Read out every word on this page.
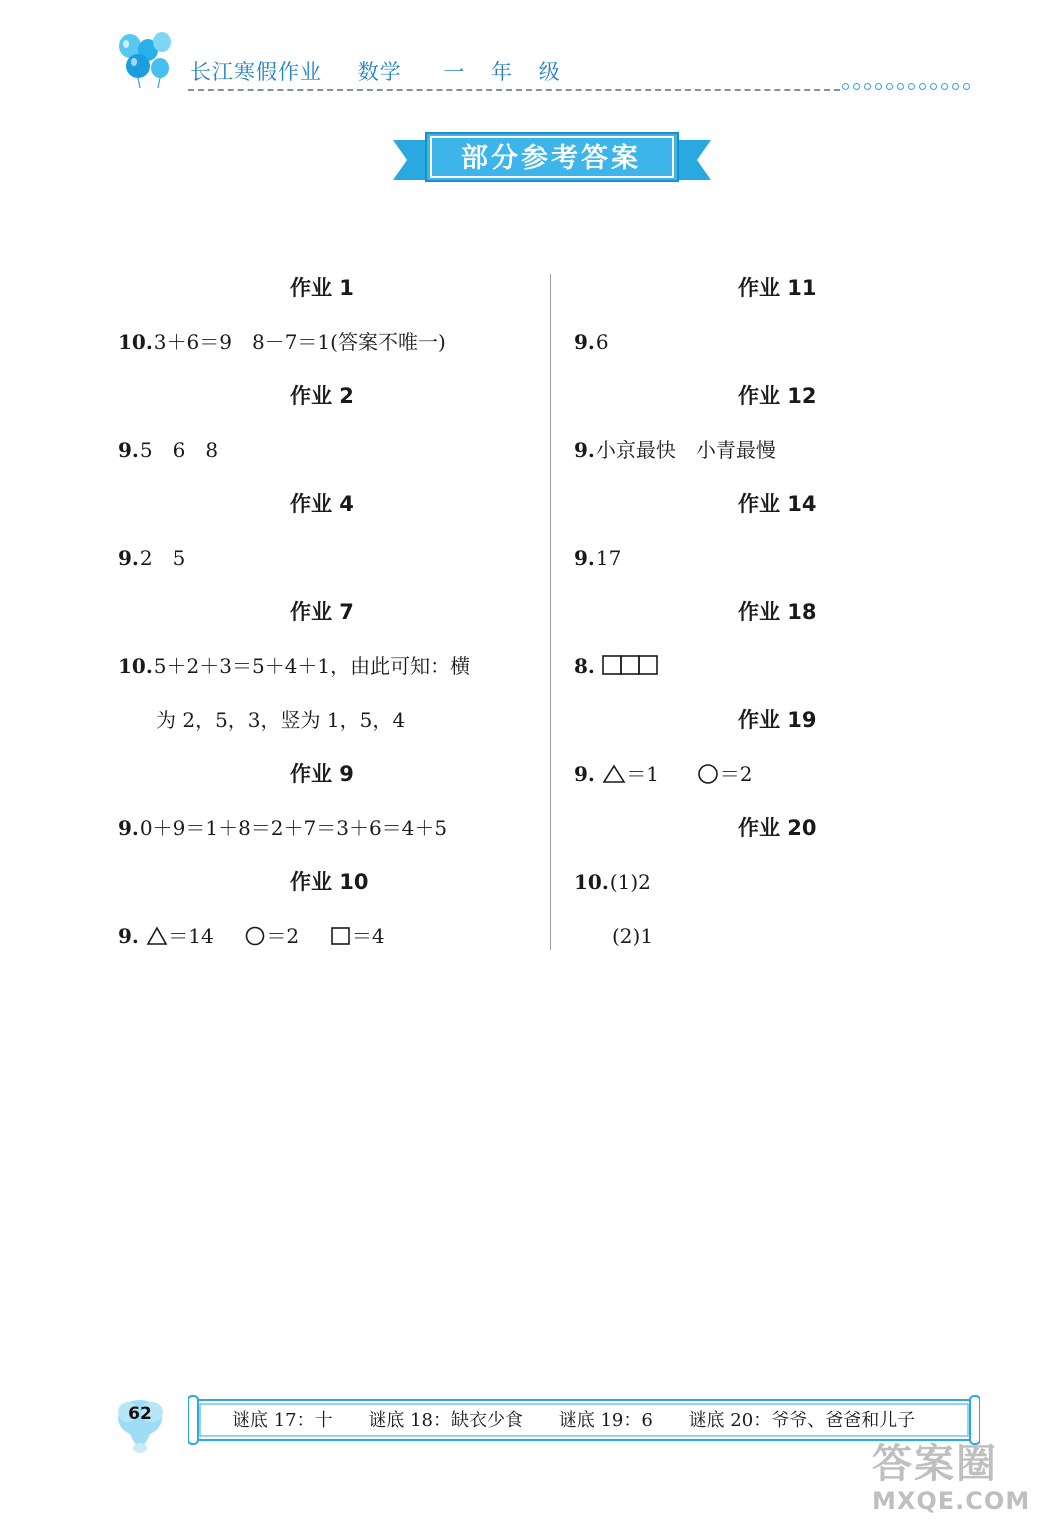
长江寒假作业 数学 一 年 级
部分参考答案
作业 1
10.3＋6＝9　8－7＝1(答案不唯一)
作业 2
9.5　6　8
作业 4
9.2　5
作业 7
10.5＋2＋3＝5＋4＋1，由此可知：横
为 2，5，3，竖为 1，5，4
作业 9
9.0＋9＝1＋8＝2＋7＝3＋6＝4＋5
作业 10
9. ＝14	＝2	＝4
作业 11
9.6
作业 12
9.小京最快　小青最慢
作业 14
9.17
作业 18
8.
作业 19
9. ＝1	＝2
作业 20
10.(1)2
(2)1
62	谜底 17：十 谜底 18：缺衣少食 谜底 19：6 谜底 20：爷爷、爸爸和儿子
答案圈
MXQE.COM
